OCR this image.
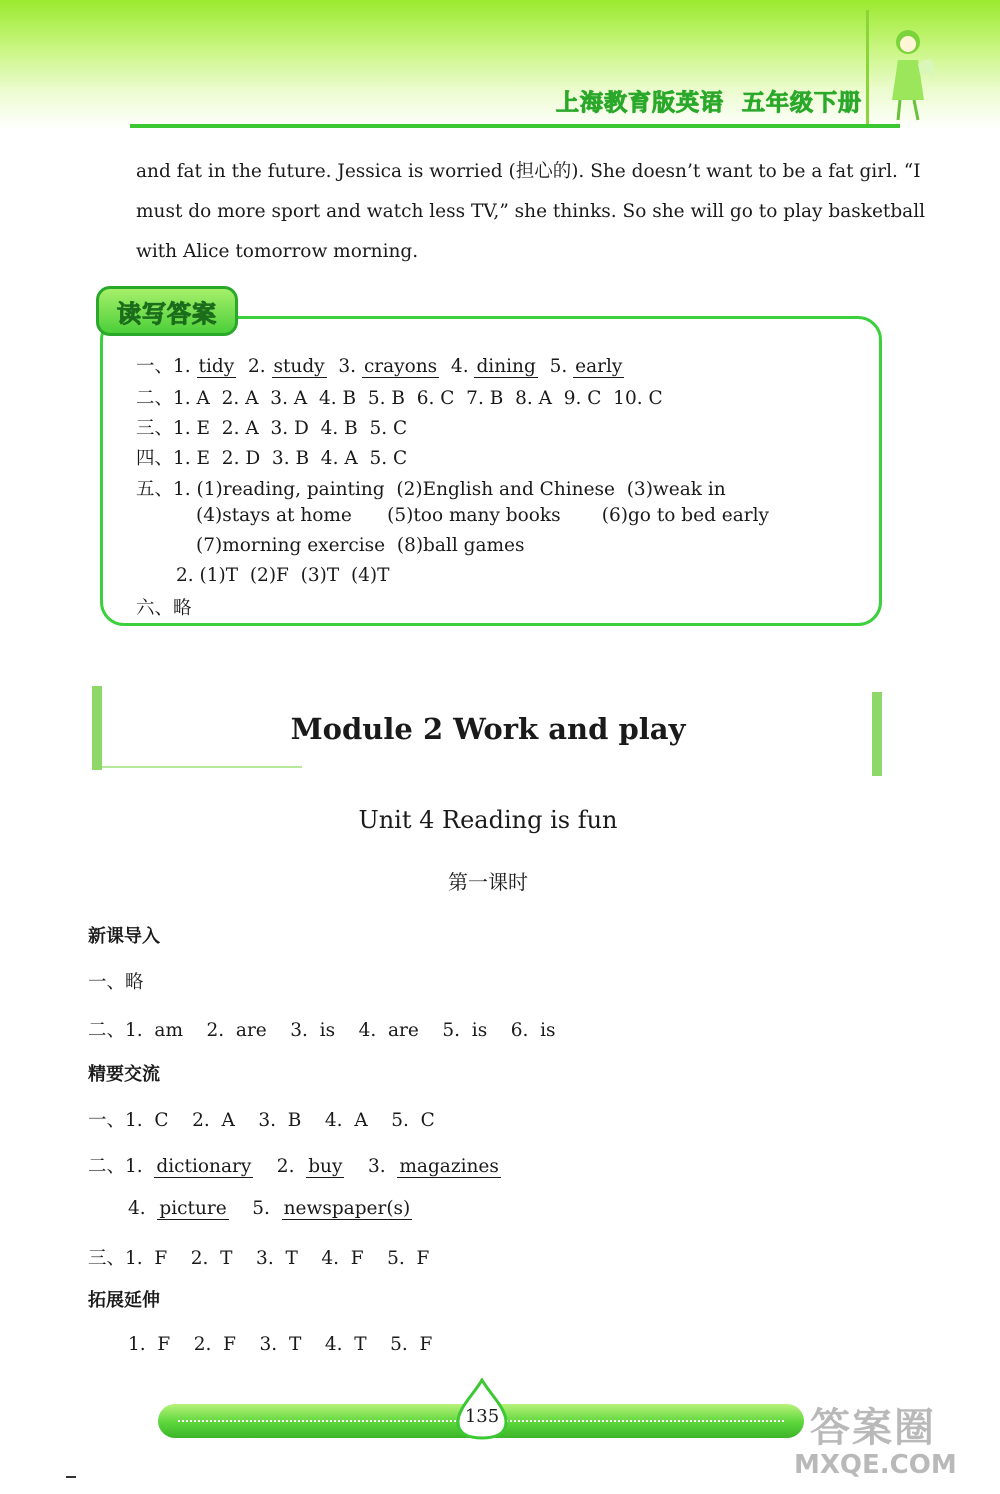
上海教育版英语  五年级下册
and fat in the future. Jessica is worried (担心的). She doesn’t want to be a fat girl. “I
must do more sport and watch less TV,” she thinks. So she will go to play basketball
with Alice tomorrow morning.
读写答案
一、1. tidy  2. study  3. crayons  4. dining  5. early
二、1. A  2. A  3. A  4. B  5. B  6. C  7. B  8. A  9. C  10. C
三、1. E  2. A  3. D  4. B  5. C
四、1. E  2. D  3. B  4. A  5. C
五、1. (1)reading, painting  (2)English and Chinese  (3)weak in
(4)stays at home      (5)too many books       (6)go to bed early
(7)morning exercise  (8)ball games
2. (1)T  (2)F  (3)T  (4)T
六、略
Module 2 Work and play
Unit 4 Reading is fun
第一课时
新课导入
一、略
二、1.  am    2.  are    3.  is    4.  are    5.  is    6.  is
精要交流
一、1.  C    2.  A    3.  B    4.  A    5.  C
二、1.  dictionary    2.  buy    3.  magazines
4.  picture    5.  newspaper(s)
三、1.  F    2.  T    3.  T    4.  F    5.  F
拓展延伸
1.  F    2.  F    3.  T    4.  T    5.  F
135	答案圈
MXQE.COM
